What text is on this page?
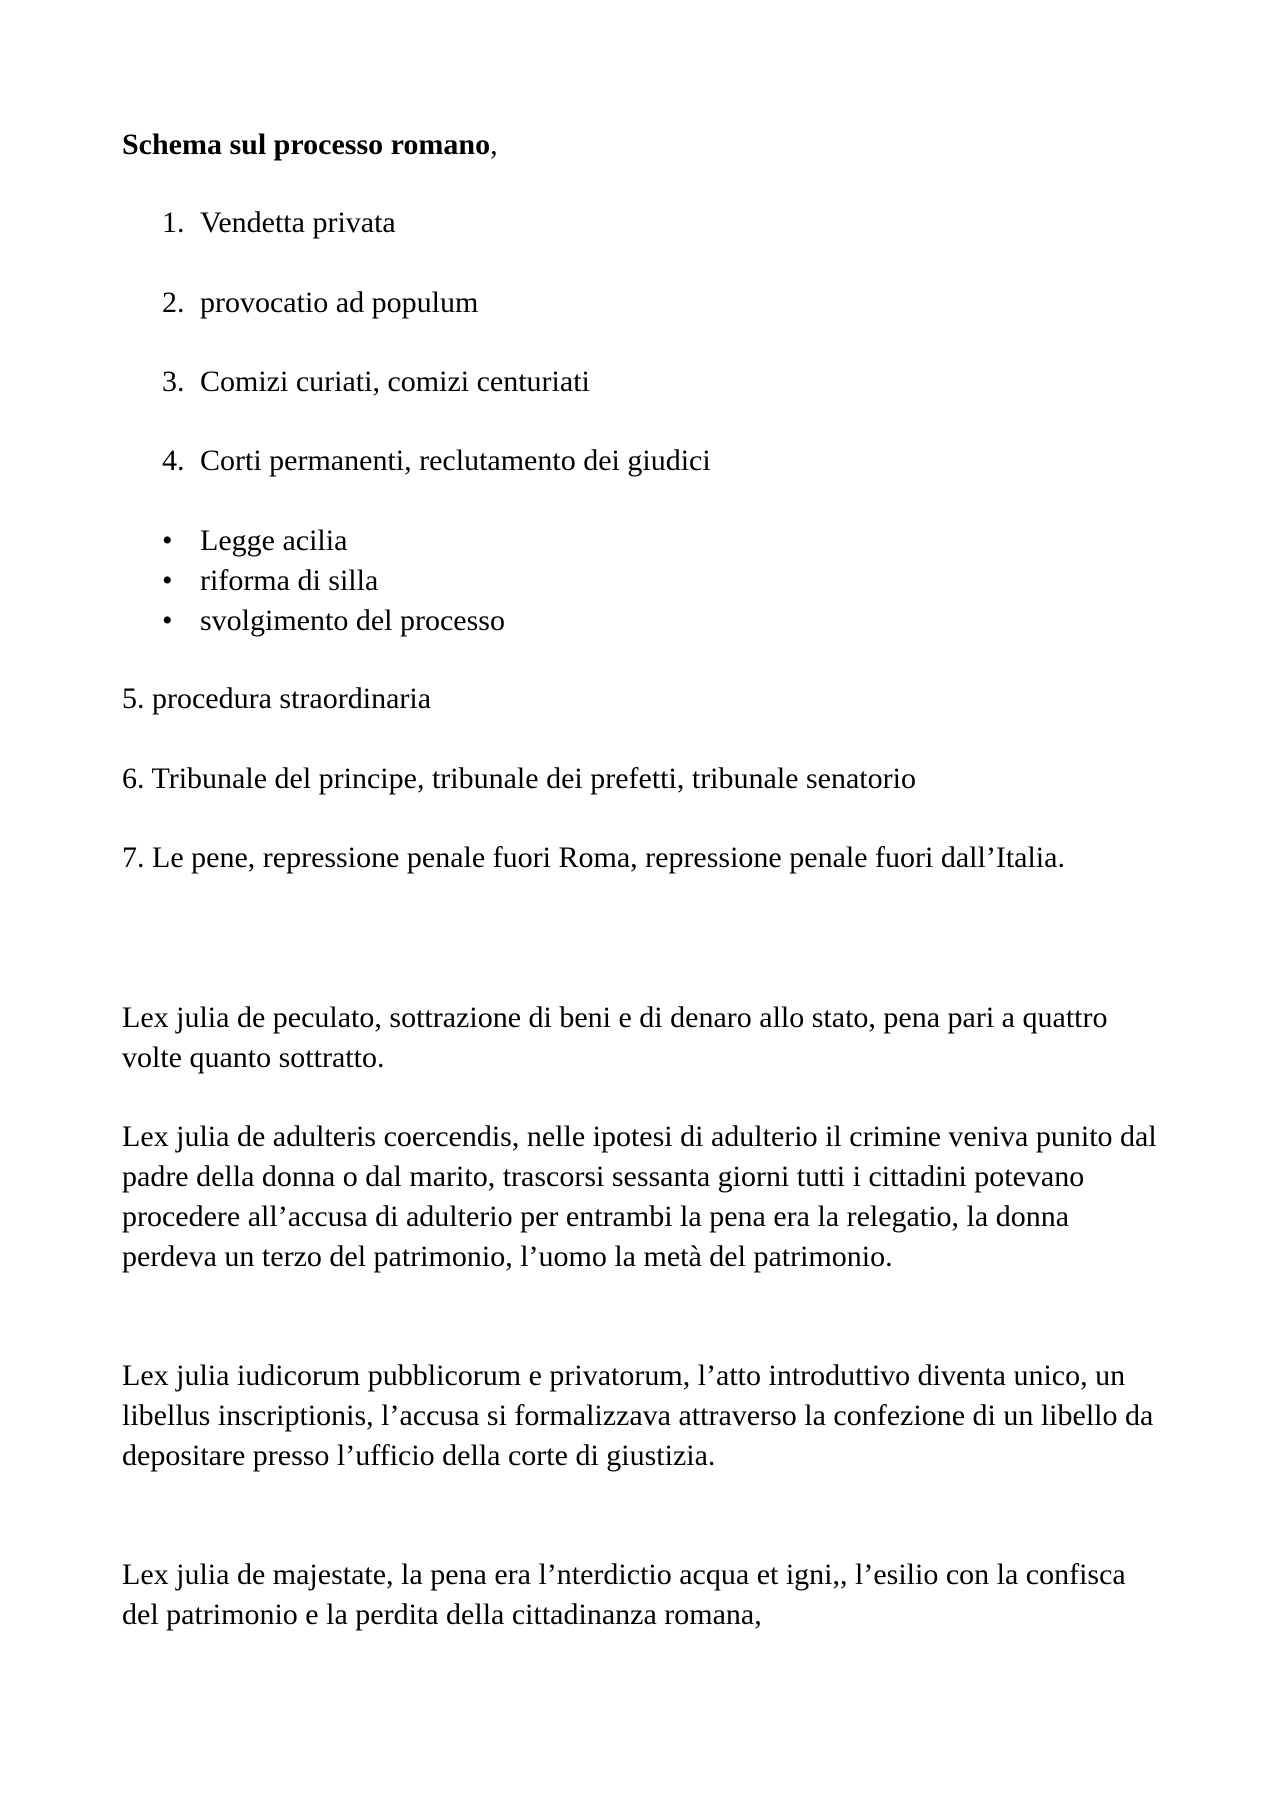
Schema sul processo romano,

1. Vendetta privata
2. provocatio ad populum
3. Comizi curiati, comizi centuriati
4. Corti permanenti, reclutamento dei giudici
• Legge acilia
• riforma di silla
• svolgimento del processo

5. procedura straordinaria

6. Tribunale del principe, tribunale dei prefetti, tribunale senatorio

7. Le pene, repressione penale fuori Roma, repressione penale fuori dall’Italia.

Lex julia de peculato, sottrazione di beni e di denaro allo stato, pena pari a quattro volte quanto sottratto.

Lex julia de adulteris coercendis, nelle ipotesi di adulterio il crimine veniva punito dal padre della donna o dal marito, trascorsi sessanta giorni tutti i cittadini potevano procedere all’accusa di adulterio per entrambi la pena era la relegatio, la donna perdeva un terzo del patrimonio, l’uomo la metà del patrimonio.

Lex julia iudicorum pubblicorum e privatorum, l’atto introduttivo diventa unico, un libellus inscriptionis, l’accusa si formalizzava attraverso la confezione di un libello da depositare presso l’ufficio della corte di giustizia.

Lex julia de majestate, la pena era l’nterdictio acqua et igni,, l’esilio con la confisca del patrimonio e la perdita della cittadinanza romana,
